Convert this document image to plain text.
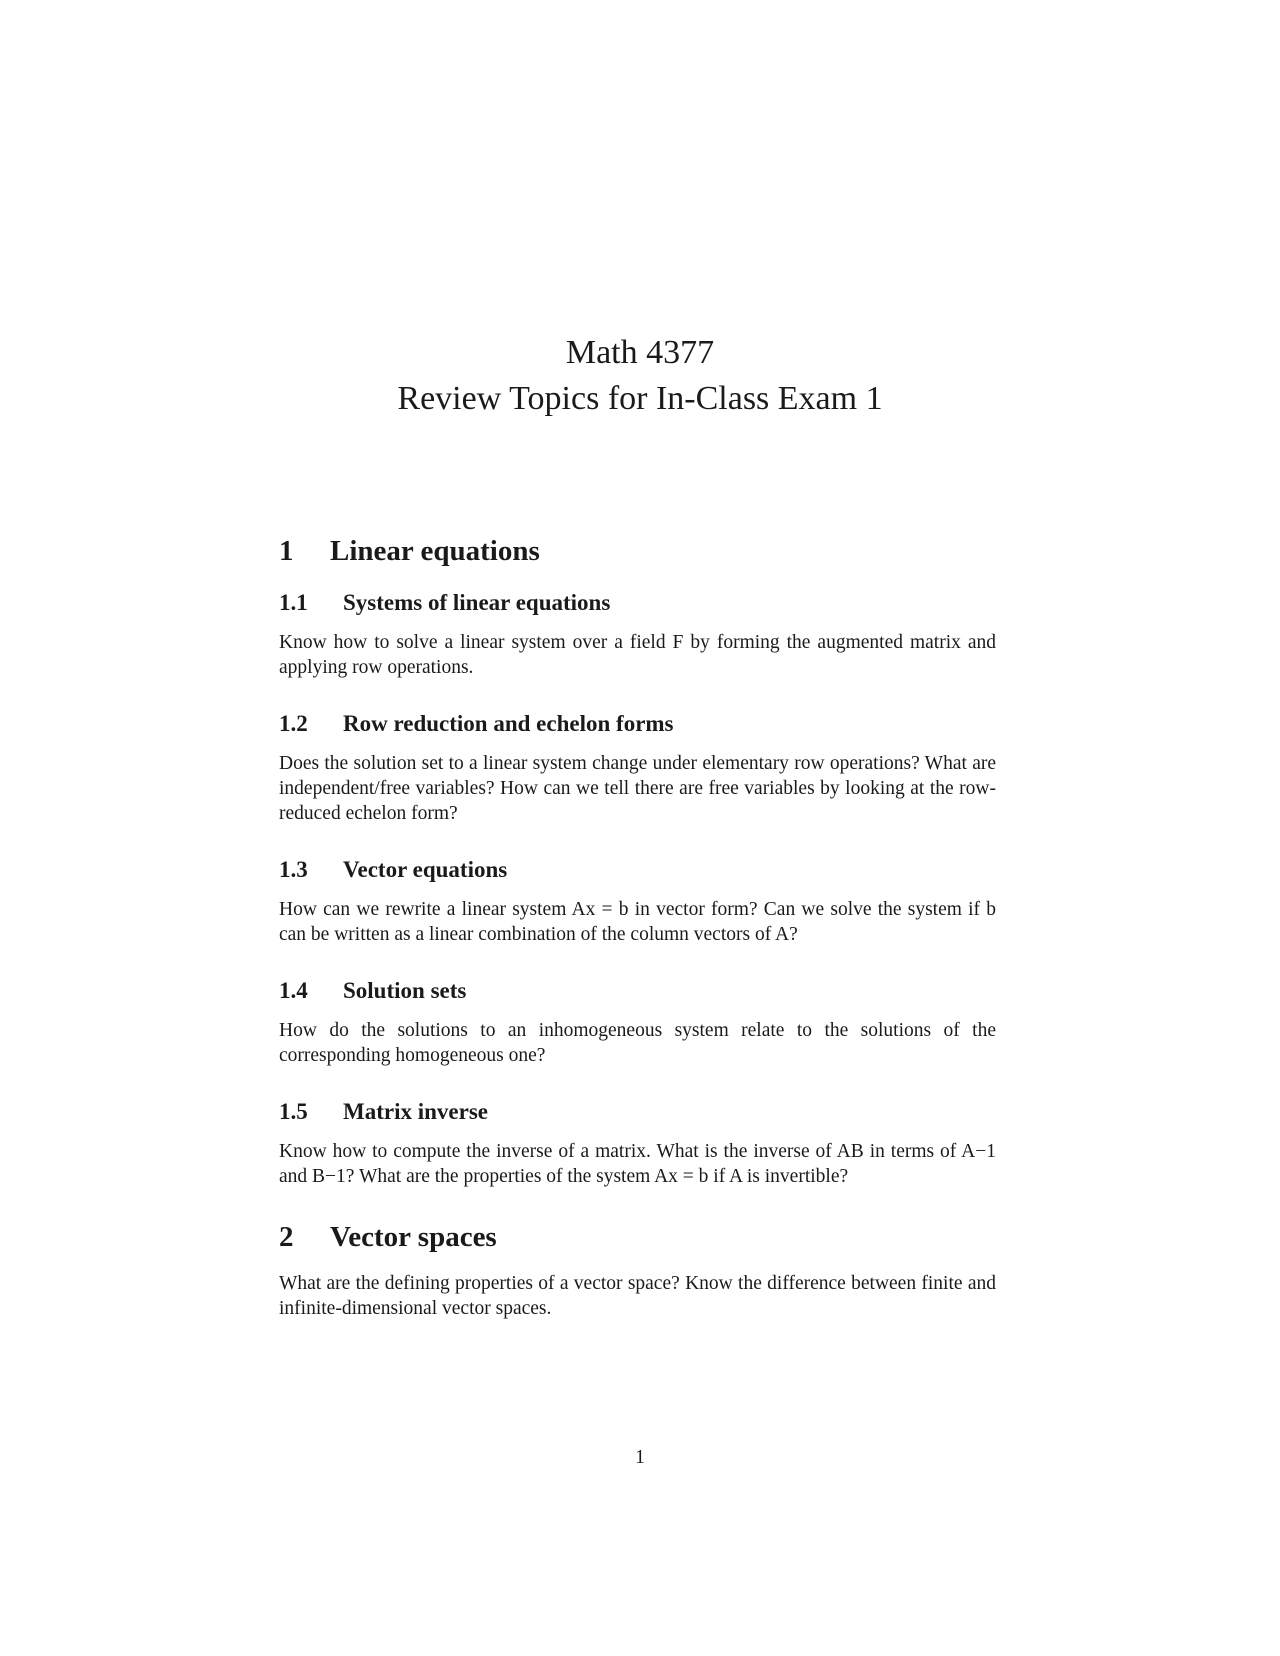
Math 4377
Review Topics for In-Class Exam 1
1	Linear equations
1.1	Systems of linear equations

Know how to solve a linear system over a field F by forming the augmented matrix and applying row operations.

1.2	Row reduction and echelon forms

Does the solution set to a linear system change under elementary row operations? What are independent/free variables? How can we tell there are free variables by looking at the row-reduced echelon form?

1.3	Vector equations

How can we rewrite a linear system Ax = b in vector form? Can we solve the system if b can be written as a linear combination of the column vectors of A?

1.4	Solution sets

How do the solutions to an inhomogeneous system relate to the solutions of the corresponding homogeneous one?

1.5	Matrix inverse

Know how to compute the inverse of a matrix. What is the inverse of AB in terms of A−1 and B−1? What are the properties of the system Ax = b if A is invertible?

2	Vector spaces

What are the defining properties of a vector space? Know the difference between finite and infinite-dimensional vector spaces.

1
